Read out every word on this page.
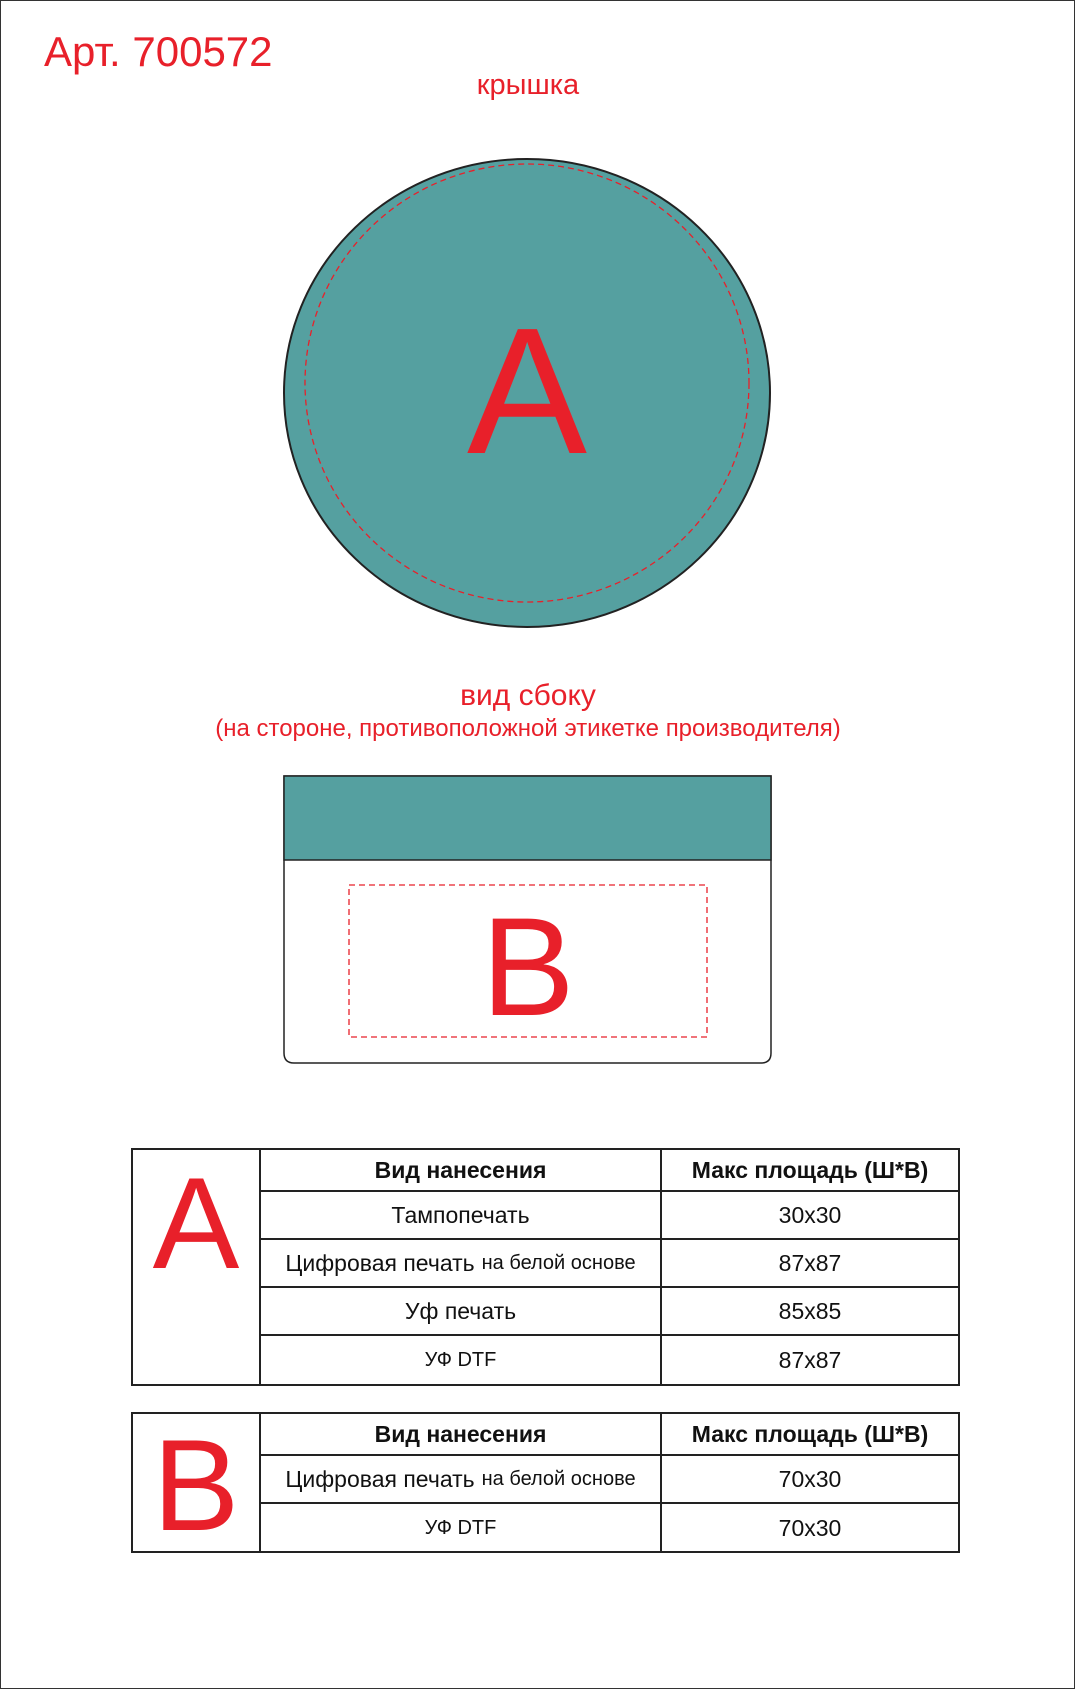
Арт. 700572
крышка
A
вид сбоку
(на стороне, противоположной этикетке производителя)
B
A	Вид нанесения	Макс площадь (Ш*В)
Тампопечать	30x30
Цифровая печать на белой основе	87x87
Уф печать	85x85
УФ DTF	87x87
B	Вид нанесения	Макс площадь (Ш*В)
Цифровая печать на белой основе	70x30
УФ DTF	70x30
